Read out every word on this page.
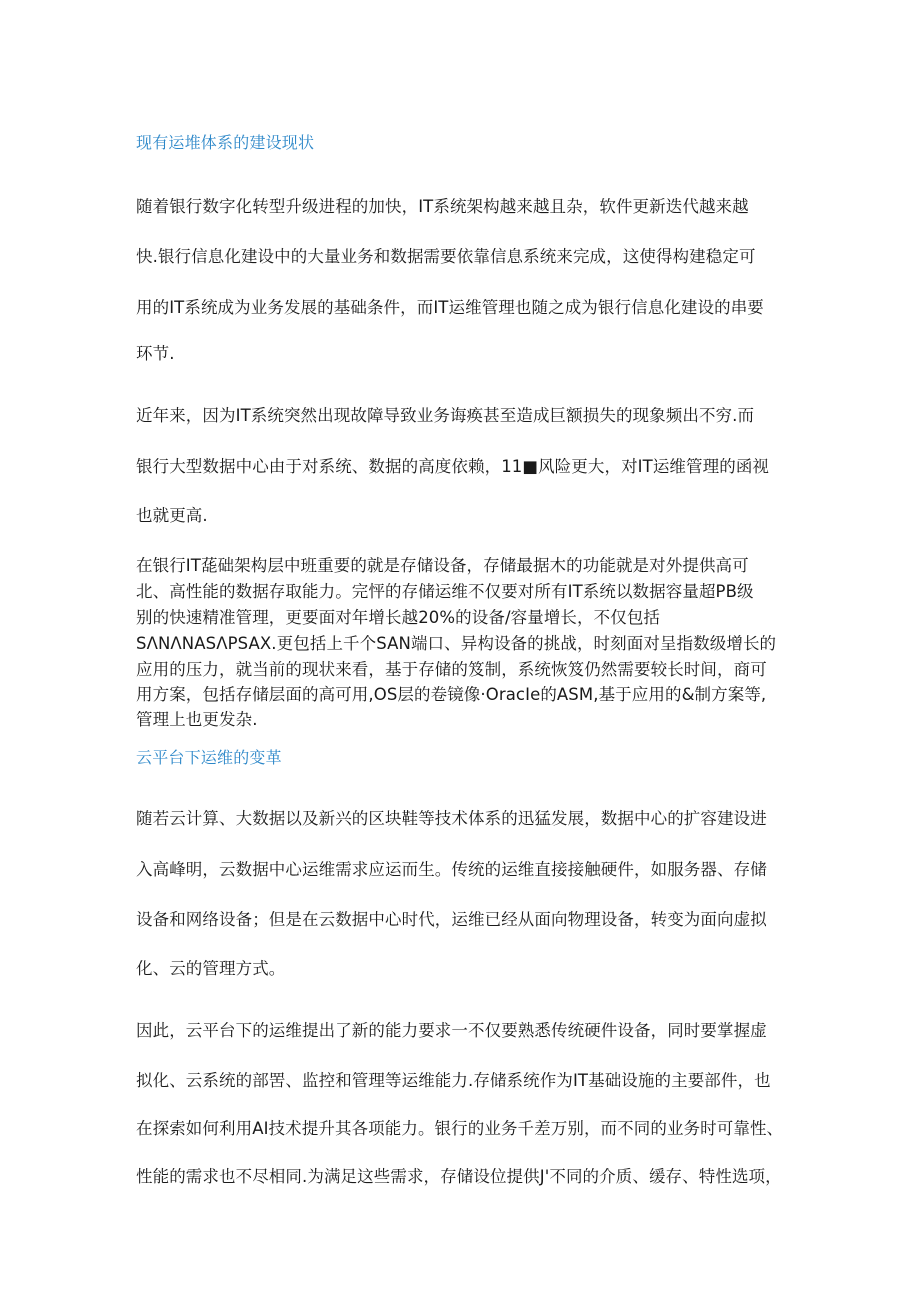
现有运堆体系的建设现状
随着银行数字化转型升级进程的加快，IT系统架构越来越且杂，软件更新迭代越来越
快.银行信息化建设中的大量业务和数据需要依靠信息系统来完成，这使得构建稳定可
用的IT系统成为业务发展的基础条件，而IT运维管理也随之成为银行信息化建设的串要
环节.
近年来，因为IT系统突然出现故障导致业务诲痪甚至造成巨额损失的现象频出不穷.而
银行大型数据中心由于对系统、数据的高度依赖，11■风险更大，对IT运维管理的函视
也就更高.
在银行IT蒊础架构层中班重要的就是存储设备，存储最据木的功能就是对外提供高可
北、高性能的数据存取能力。完怦的存储运维不仅要对所有IT系统以数据容量超PB级
别的快速精准管理，更要面对年增长越20%的设备/容量增长，不仅包括
SΛNΛNASΛPSAX.更包括上千个SAN端口、异构设备的挑战，时刻面对呈指数级增长的
应用的压力，就当前的现状来看，基于存储的笈制，系统恢笈仍然需要较长时间，商可
用方案，包括存储层面的高可用,OS层的卷镜像·OracIe的ASM,基于应用的&制方案等,
管理上也更发杂.
云平台下运维的变革
随若云计算、大数据以及新兴的区块鞋等技术体系的迅猛发展，数据中心的扩容建设进
入高峰明，云数据中心运维需求应运而生。传统的运维直接接触硬件，如服务器、存储
设备和网络设备；但是在云数据中心时代，运维已经从面向物理设备，转变为面向虚拟
化、云的管理方式。
因此，云平台下的运维提出了新的能力要求一不仅要熟悉传统硬件设备，同时要掌握虚
拟化、云系统的部罟、监控和管理等运维能力.存储系统作为IT基础设施的主要部件，也
在探索如何利用AI技术提升其各项能力。银行的业务千差万别，而不同的业务时可靠性、
性能的需求也不尽相同.为满足这些需求，存储设位提供J'不同的介质、缓存、特性选项，
